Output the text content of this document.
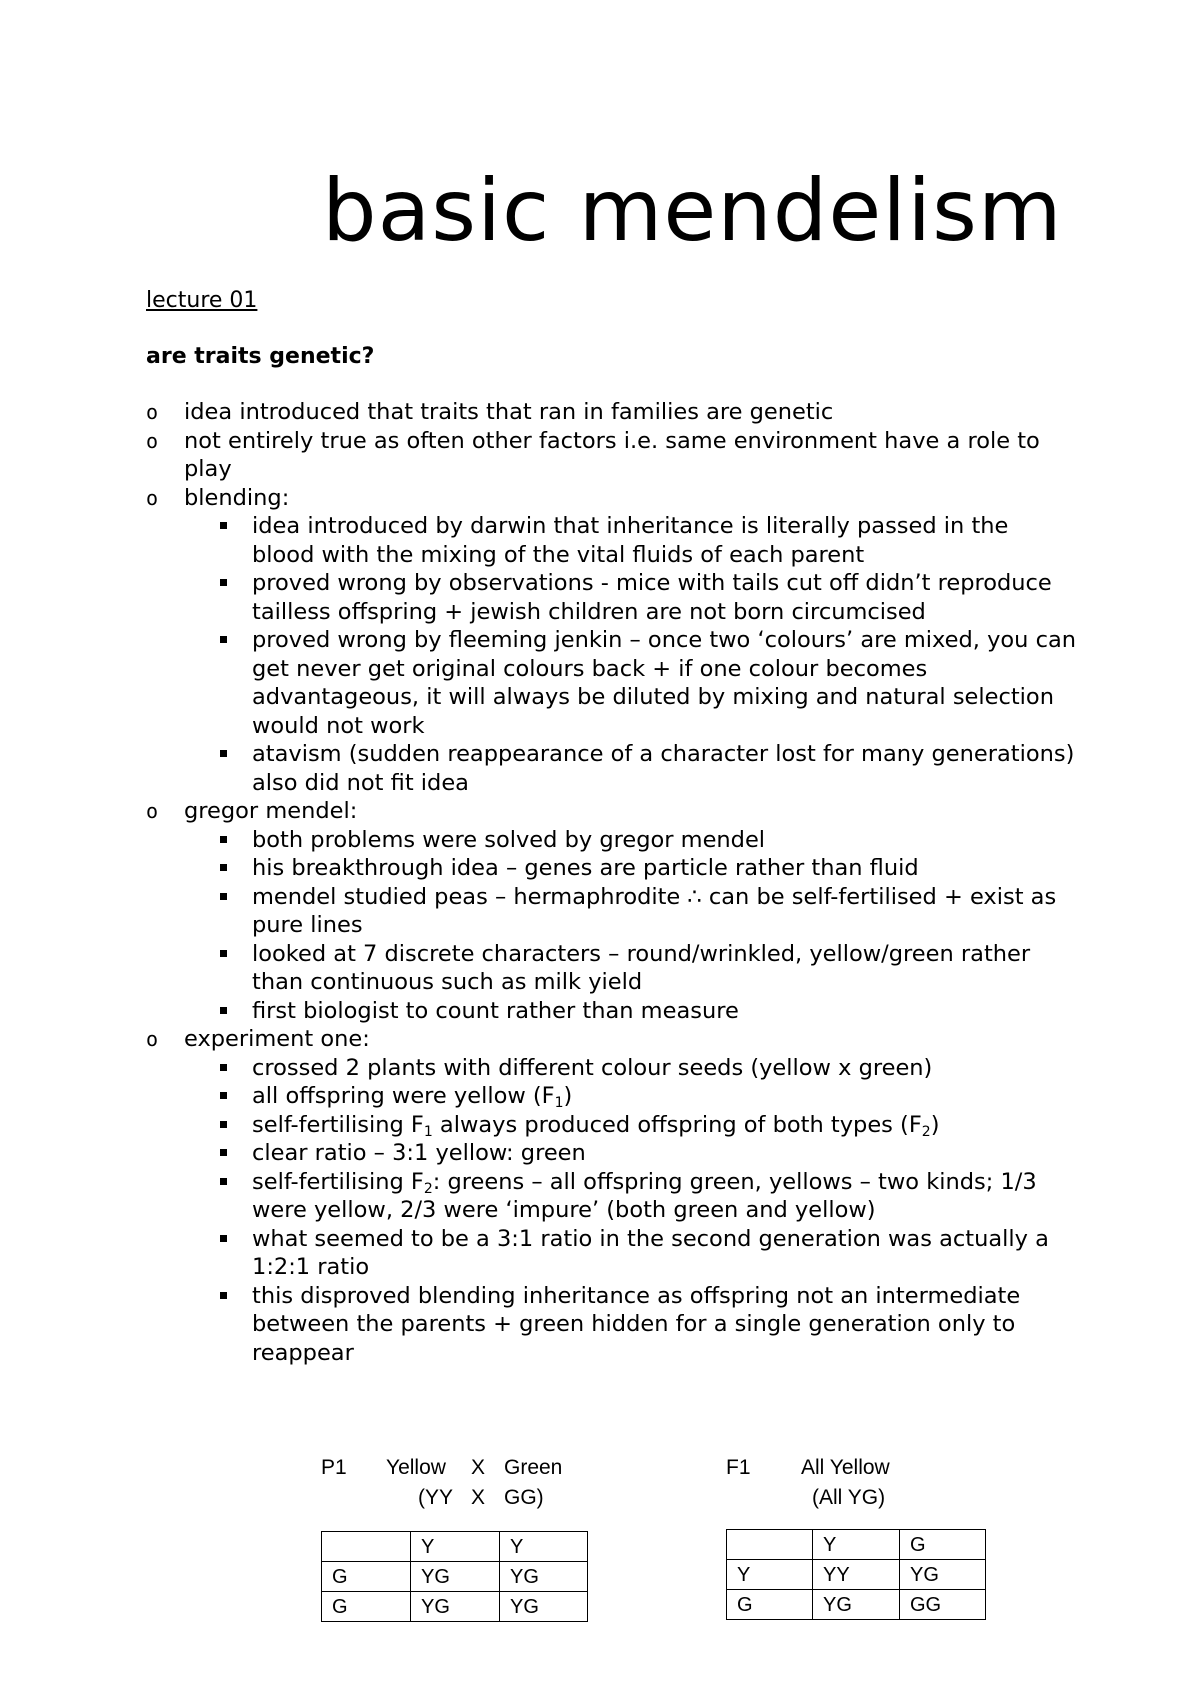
basic mendelism
lecture 01
are traits genetic?
o idea introduced that traits that ran in families are genetic
o not entirely true as often other factors i.e. same environment have a role to play
o blending:
idea introduced by darwin that inheritance is literally passed in the blood with the mixing of the vital fluids of each parent
proved wrong by observations - mice with tails cut off didn’t reproduce tailless offspring + jewish children are not born circumcised
proved wrong by fleeming jenkin – once two ‘colours’ are mixed, you can get never get original colours back + if one colour becomes advantageous, it will always be diluted by mixing and natural selection would not work
atavism (sudden reappearance of a character lost for many generations) also did not fit idea
o gregor mendel:
both problems were solved by gregor mendel
his breakthrough idea – genes are particle rather than fluid
mendel studied peas – hermaphrodite ∴ can be self-fertilised + exist as pure lines
looked at 7 discrete characters – round/wrinkled, yellow/green rather than continuous such as milk yield
first biologist to count rather than measure
o experiment one:
crossed 2 plants with different colour seeds (yellow x green)
all offspring were yellow $(F_1)$
self-fertilising $F_1$ always produced offspring of both types $(F_2)$
clear ratio – 3:1 yellow: green
self-fertilising $F_2$: greens – all offspring green, yellows – two kinds; 1/3 were yellow, 2/3 were ‘impure’ (both green and yellow)
what seemed to be a 3:1 ratio in the second generation was actually a 1:2:1 ratio
this disproved blending inheritance as offspring not an intermediate between the parents + green hidden for a single generation only to reappear
P1 Yellow X Green
(YY X GG)
	Y	Y
G	YG	YG
G	YG	YG
F1 All Yellow
(All YG)
	Y	G
Y	YY	YG
G	YG	GG
